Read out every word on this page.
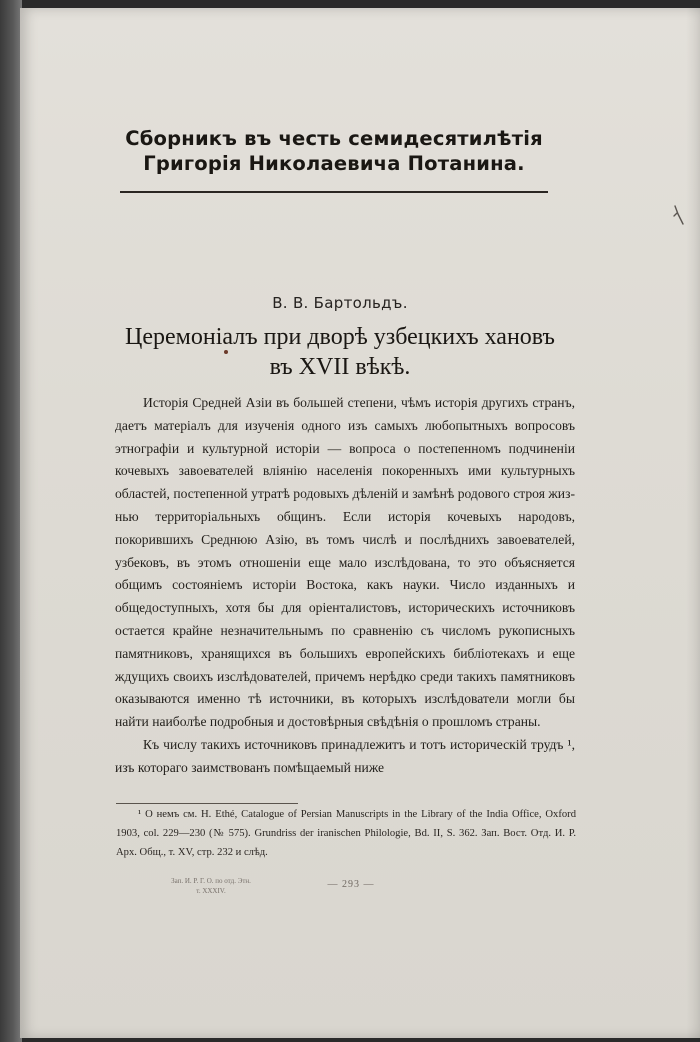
Сборникъ въ честь семидесятилѣтія
Григорія Николаевича Потанина.
В. В. Бартольдъ.
Церемоніалъ при дворѣ узбецкихъ хановъ
въ XVII вѣкѣ.

Исторія Средней Азіи въ большей степени, чѣмъ исторія другихъ странъ, даетъ матеріалъ для изученія одного изъ самыхъ любопытныхъ вопросовъ этнографіи и культурной исторіи — вопроса о постепенномъ подчиненіи кочевыхъ завоевателей вліянію населенія покоренныхъ ими культурныхъ областей, постепенной утратѣ родовыхъ дѣленій и замѣнѣ родового строя жизнью территоріальныхъ общинъ. Если исторія кочевыхъ народовъ, покорившихъ Среднюю Азію, въ томъ числѣ и послѣднихъ завоевателей, узбековъ, въ этомъ отношеніи еще мало изслѣдована, то это объясняется общимъ состояніемъ исторіи Востока, какъ науки. Число изданныхъ и общедоступныхъ, хотя бы для оріенталистовъ, историческихъ источниковъ остается крайне незначительнымъ по сравненію съ числомъ рукописныхъ памятниковъ, хранящихся въ большихъ европейскихъ библіотекахъ и еще ждущихъ своихъ изслѣдователей, причемъ нерѣдко среди такихъ памятниковъ оказываются именно тѣ источники, въ которыхъ изслѣдователи могли бы найти наиболѣе подробныя и достовѣрныя свѣдѣнія о прошломъ страны.

Къ числу такихъ источниковъ принадлежитъ и тотъ историческій трудъ ¹, изъ котораго заимствованъ помѣщаемый ниже

¹ О немъ см. H. Ethé, Catalogue of Persian Manuscripts in the Library of the India Office, Oxford 1903, col. 229—230 (№ 575). Grundriss der iranischen Philologie, Bd. II, S. 362. Зап. Вост. Отд. И. Р. Арх. Общ., т. XV, стр. 232 и слѣд.
Зап. И. Р. Г. О. по отд. Этн.
т. XXXIV.
— 293 —
